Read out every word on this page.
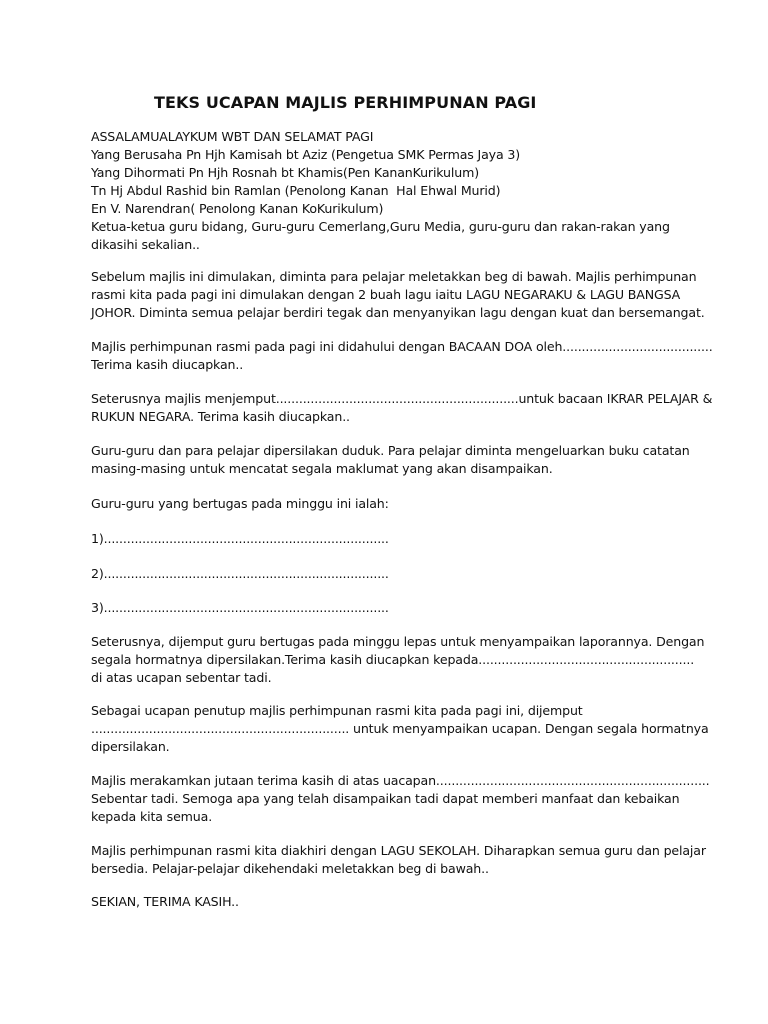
TEKS UCAPAN MAJLIS PERHIMPUNAN PAGI
ASSALAMUALAYKUM WBT DAN SELAMAT PAGI
Yang Berusaha Pn Hjh Kamisah bt Aziz (Pengetua SMK Permas Jaya 3)
Yang Dihormati Pn Hjh Rosnah bt Khamis(Pen KananKurikulum)
Tn Hj Abdul Rashid bin Ramlan (Penolong Kanan  Hal Ehwal Murid)
En V. Narendran( Penolong Kanan KoKurikulum)
Ketua-ketua guru bidang, Guru-guru Cemerlang,Guru Media, guru-guru dan rakan-rakan yang
dikasihi sekalian..
Sebelum majlis ini dimulakan, diminta para pelajar meletakkan beg di bawah. Majlis perhimpunan
rasmi kita pada pagi ini dimulakan dengan 2 buah lagu iaitu LAGU NEGARAKU & LAGU BANGSA
JOHOR. Diminta semua pelajar berdiri tegak dan menyanyikan lagu dengan kuat dan bersemangat.
Majlis perhimpunan rasmi pada pagi ini didahului dengan BACAAN DOA oleh.......................................
Terima kasih diucapkan..
Seterusnya majlis menjemput...............................................................untuk bacaan IKRAR PELAJAR &
RUKUN NEGARA. Terima kasih diucapkan..
Guru-guru dan para pelajar dipersilakan duduk. Para pelajar diminta mengeluarkan buku catatan
masing-masing untuk mencatat segala maklumat yang akan disampaikan.
Guru-guru yang bertugas pada minggu ini ialah:
1)..........................................................................
2)..........................................................................
3)..........................................................................
Seterusnya, dijemput guru bertugas pada minggu lepas untuk menyampaikan laporannya. Dengan
segala hormatnya dipersilakan.Terima kasih diucapkan kepada........................................................
di atas ucapan sebentar tadi.
Sebagai ucapan penutup majlis perhimpunan rasmi kita pada pagi ini, dijemput
................................................................... untuk menyampaikan ucapan. Dengan segala hormatnya
dipersilakan.
Majlis merakamkan jutaan terima kasih di atas uacapan.......................................................................
Sebentar tadi. Semoga apa yang telah disampaikan tadi dapat memberi manfaat dan kebaikan
kepada kita semua.
Majlis perhimpunan rasmi kita diakhiri dengan LAGU SEKOLAH. Diharapkan semua guru dan pelajar
bersedia. Pelajar-pelajar dikehendaki meletakkan beg di bawah..
SEKIAN, TERIMA KASIH..
